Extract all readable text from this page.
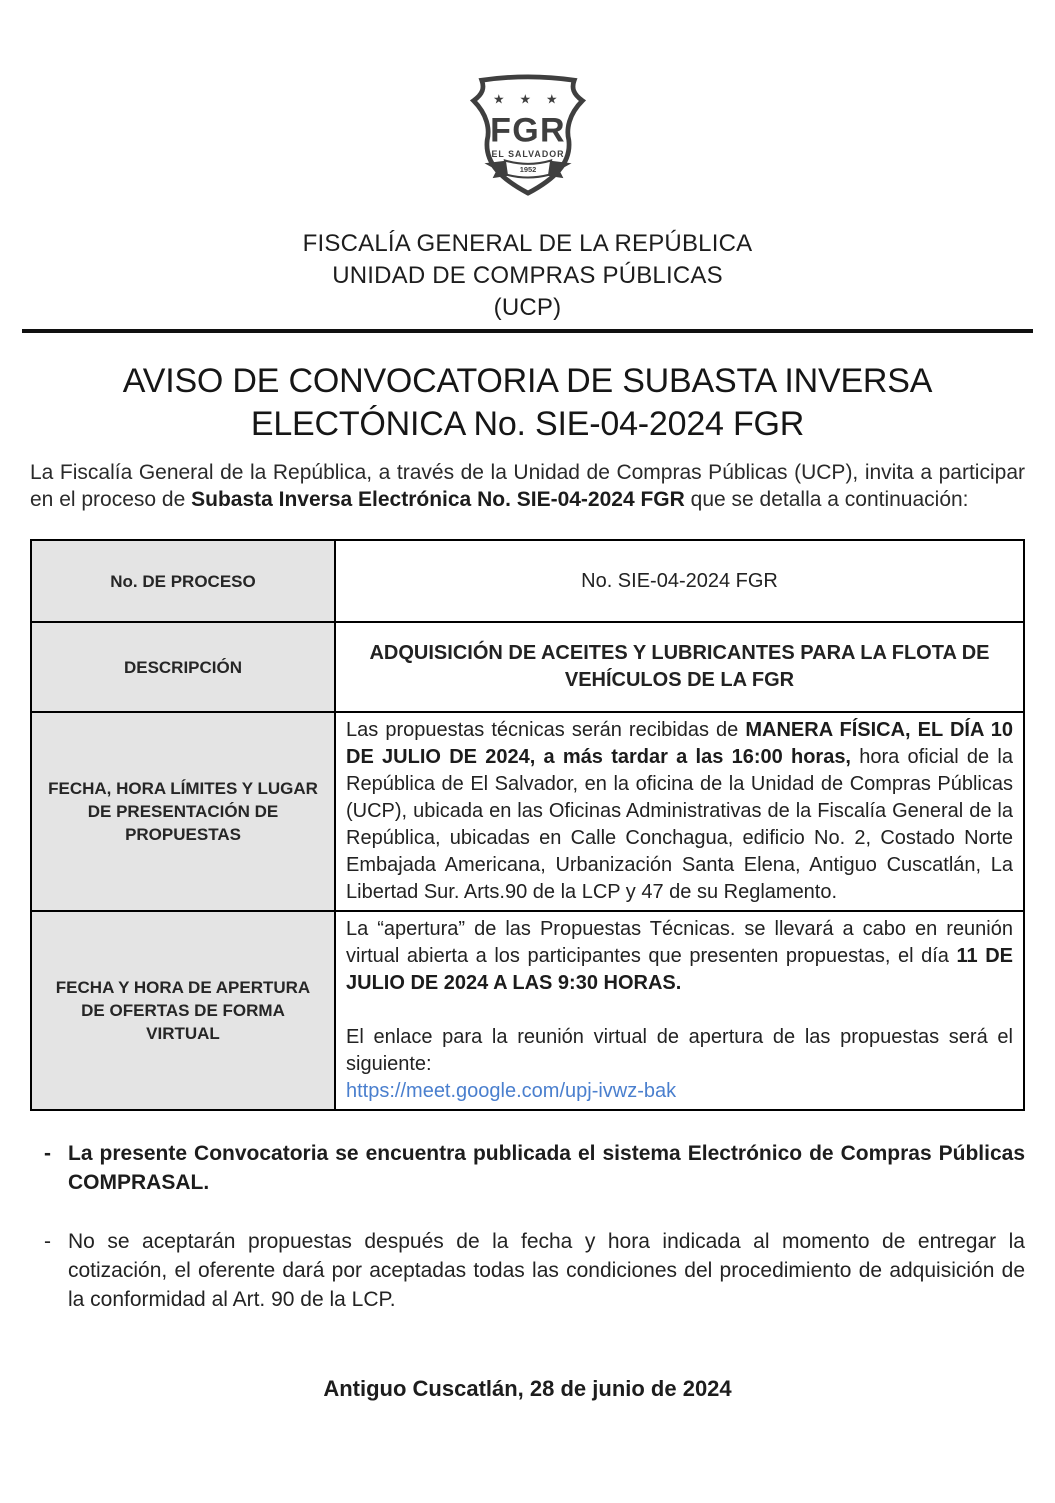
★ ★ ★
FGR
EL SALVADOR
1952
FISCALÍA GENERAL DE LA REPÚBLICA
UNIDAD DE COMPRAS PÚBLICAS
(UCP)
AVISO DE CONVOCATORIA DE SUBASTA INVERSA
ELECTÓNICA No. SIE-04-2024 FGR

La Fiscalía General de la República, a través de la Unidad de Compras Públicas (UCP), invita a participar en el proceso de Subasta Inversa Electrónica No. SIE-04-2024 FGR que se detalla a continuación:

No. DE PROCESO	No. SIE-04-2024 FGR
DESCRIPCIÓN	ADQUISICIÓN DE ACEITES Y LUBRICANTES PARA LA FLOTA DE VEHÍCULOS DE LA FGR
FECHA, HORA LÍMITES Y LUGAR DE PRESENTACIÓN DE PROPUESTAS	Las propuestas técnicas serán recibidas de MANERA FÍSICA, EL DÍA 10 DE JULIO DE 2024, a más tardar a las 16:00 horas, hora oficial de la República de El Salvador, en la oficina de la Unidad de Compras Públicas (UCP), ubicada en las Oficinas Administrativas de la Fiscalía General de la República, ubicadas en Calle Conchagua, edificio No. 2, Costado Norte Embajada Americana, Urbanización Santa Elena, Antiguo Cuscatlán, La Libertad Sur. Arts.90 de la LCP y 47 de su Reglamento.

FECHA Y HORA DE APERTURA DE OFERTAS DE FORMA VIRTUAL	La “apertura” de las Propuestas Técnicas. se llevará a cabo en reunión virtual abierta a los participantes que presenten propuestas, el día 11 DE JULIO DE 2024 A LAS 9:30 HORAS.

El enlace para la reunión virtual de apertura de las propuestas será el siguiente:

https://meet.google.com/upj-ivwz-bak
- La presente Convocatoria se encuentra publicada el sistema Electrónico de Compras Públicas COMPRASAL.
- No se aceptarán propuestas después de la fecha y hora indicada al momento de entregar la cotización, el oferente dará por aceptadas todas las condiciones del procedimiento de adquisición de la conformidad al Art. 90 de la LCP.
Antiguo Cuscatlán, 28 de junio de 2024
